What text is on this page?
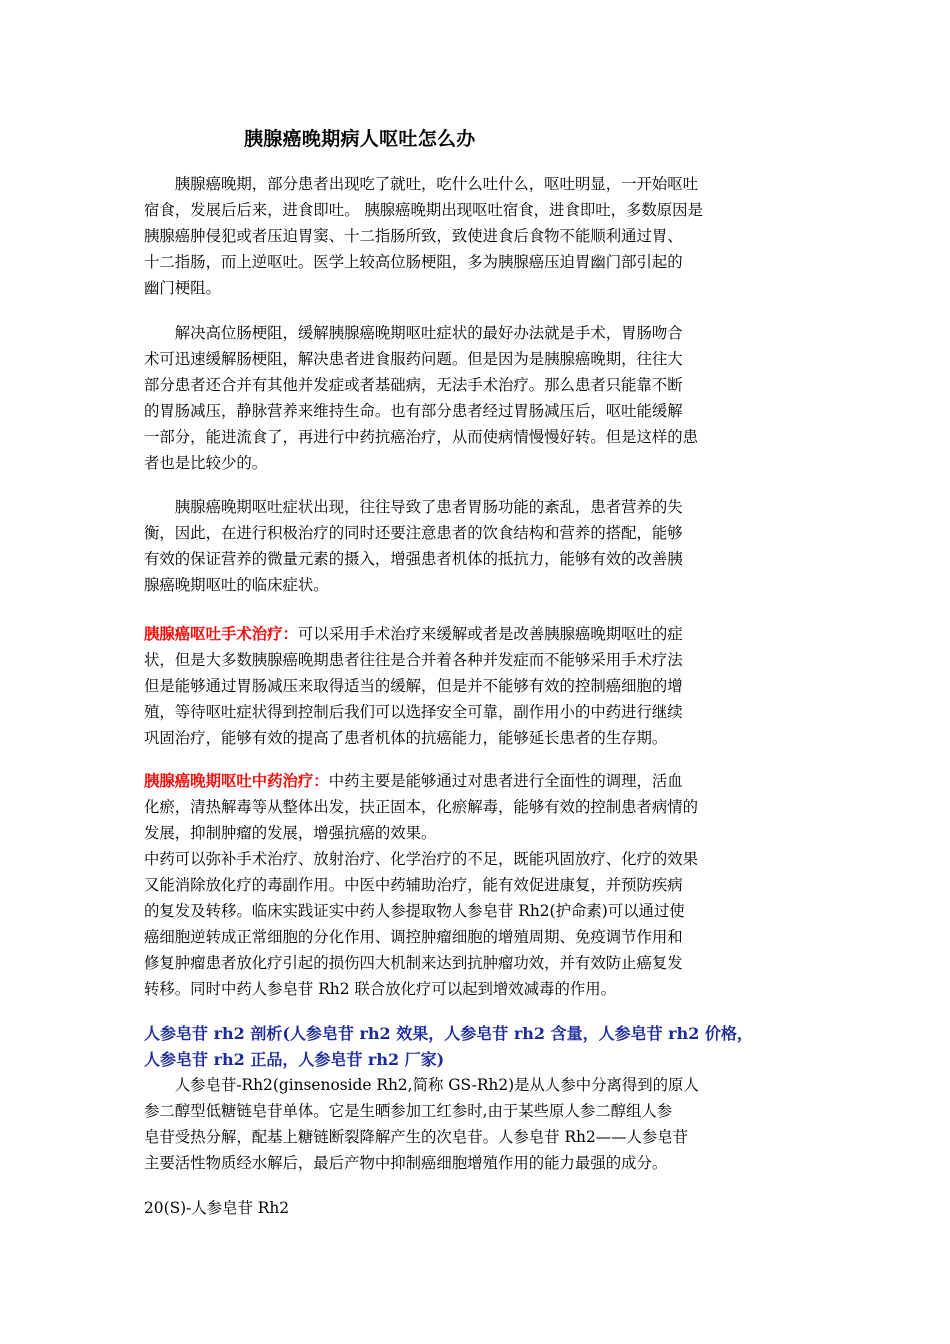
胰腺癌晚期病人呕吐怎么办
　　胰腺癌晚期，部分患者出现吃了就吐，吃什么吐什么，呕吐明显，一开始呕吐
宿食，发展后后来，进食即吐。 胰腺癌晚期出现呕吐宿食，进食即吐，多数原因是
胰腺癌肿侵犯或者压迫胃窦、十二指肠所致，致使进食后食物不能顺利通过胃、
十二指肠，而上逆呕吐。医学上较高位肠梗阻，多为胰腺癌压迫胃幽门部引起的
幽门梗阻。
　　解决高位肠梗阻，缓解胰腺癌晚期呕吐症状的最好办法就是手术，胃肠吻合
术可迅速缓解肠梗阻，解决患者进食服药问题。但是因为是胰腺癌晚期，往往大
部分患者还合并有其他并发症或者基础病，无法手术治疗。那么患者只能靠不断
的胃肠减压，静脉营养来维持生命。也有部分患者经过胃肠减压后，呕吐能缓解
一部分，能进流食了，再进行中药抗癌治疗，从而使病情慢慢好转。但是这样的患
者也是比较少的。
　　胰腺癌晚期呕吐症状出现，往往导致了患者胃肠功能的紊乱，患者营养的失
衡，因此，在进行积极治疗的同时还要注意患者的饮食结构和营养的搭配，能够
有效的保证营养的微量元素的摄入，增强患者机体的抵抗力，能够有效的改善胰
腺癌晚期呕吐的临床症状。
胰腺癌呕吐手术治疗：可以采用手术治疗来缓解或者是改善胰腺癌晚期呕吐的症
状，但是大多数胰腺癌晚期患者往往是合并着各种并发症而不能够采用手术疗法
但是能够通过胃肠减压来取得适当的缓解，但是并不能够有效的控制癌细胞的增
殖，等待呕吐症状得到控制后我们可以选择安全可靠，副作用小的中药进行继续
巩固治疗，能够有效的提高了患者机体的抗癌能力，能够延长患者的生存期。
胰腺癌晚期呕吐中药治疗：中药主要是能够通过对患者进行全面性的调理，活血
化瘀，清热解毒等从整体出发，扶正固本，化瘀解毒，能够有效的控制患者病情的
发展，抑制肿瘤的发展，增强抗癌的效果。
中药可以弥补手术治疗、放射治疗、化学治疗的不足，既能巩固放疗、化疗的效果
又能消除放化疗的毒副作用。中医中药辅助治疗，能有效促进康复，并预防疾病
的复发及转移。临床实践证实中药人参提取物人参皂苷 Rh2(护命素)可以通过使
癌细胞逆转成正常细胞的分化作用、调控肿瘤细胞的增殖周期、免疫调节作用和
修复肿瘤患者放化疗引起的损伤四大机制来达到抗肿瘤功效，并有效防止癌复发
转移。同时中药人参皂苷 Rh2 联合放化疗可以起到增效减毒的作用。
人参皂苷 rh2 剖析(人参皂苷 rh2 效果，人参皂苷 rh2 含量，人参皂苷 rh2 价格，
人参皂苷 rh2 正品，人参皂苷 rh2 厂家)
　　人参皂苷-Rh2(ginsenoside Rh2,简称 GS-Rh2)是从人参中分离得到的原人
参二醇型低糖链皂苷单体。它是生晒参加工红参时,由于某些原人参二醇组人参
皂苷受热分解，配基上糖链断裂降解产生的次皂苷。人参皂苷 Rh2——人参皂苷
主要活性物质经水解后，最后产物中抑制癌细胞增殖作用的能力最强的成分。
20(S)-人参皂苷 Rh2
